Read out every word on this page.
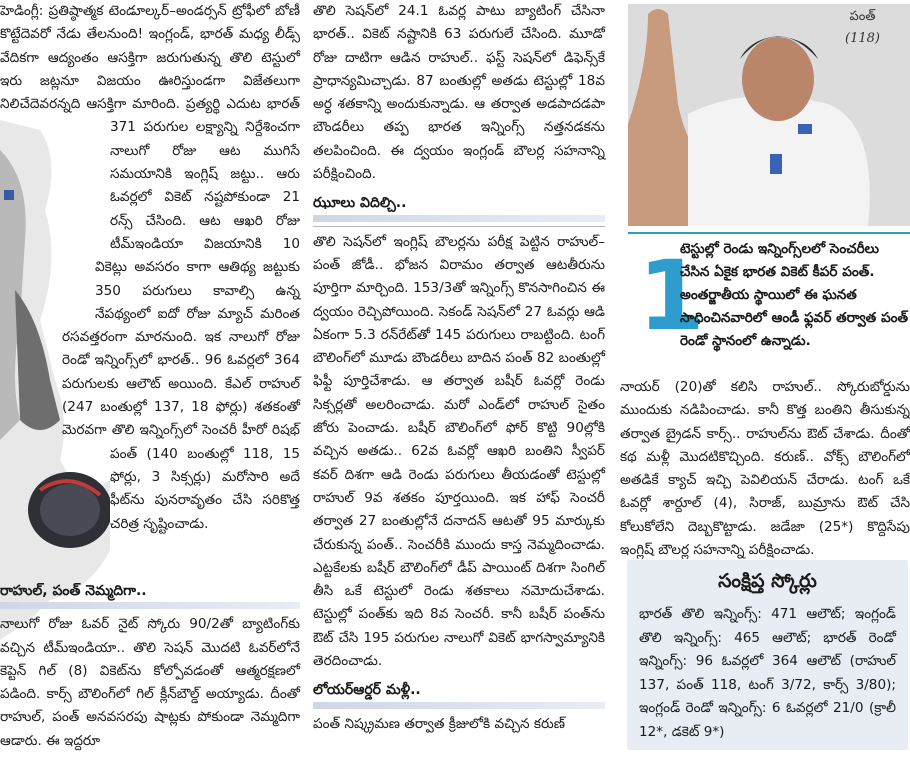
హెడింగ్లీ: ప్రతిష్ఠాత్మక టెండూల్కర్–అండర్సన్ ట్రోఫీలో బోణీ కొట్టేదెవరో నేడు తేలనుంది! ఇంగ్లండ్, భారత్ మధ్య లీడ్స్ వేదికగా ఆద్యంతం ఆసక్తిగా జరుగుతున్న తొలి టెస్టులో ఇరు జట్లనూ విజయం ఊరిస్తుండగా విజేతలుగా నిలిచేదెవరన్నది ఆసక్తిగా మారింది. ప్రత్యర్థి ఎదుట భారత్ 371 పరుగుల లక్ష్యాన్ని నిర్దేశించగా నాలుగో రోజు ఆట ముగిసే సమయానికి ఇంగ్లిష్ జట్టు.. ఆరు ఓవర్లలో వికెట్ నష్టపోకుండా 21 రన్స్ చేసింది. ఆట ఆఖరి రోజు టీమ్‌ఇండియా విజయానికి 10 వికెట్లు అవసరం కాగా ఆతిథ్య జట్టుకు 350 పరుగులు కావాల్సి ఉన్న నేపథ్యంలో ఐదో రోజు మ్యాచ్ మరింత రసవత్తరంగా మారనుంది. ఇక నాలుగో రోజు రెండో ఇన్నింగ్స్‌లో భారత్.. 96 ఓవర్లలో 364 పరుగులకు ఆలౌట్ అయింది. కేఎల్ రాహుల్ (247 బంతుల్లో 137, 18 ఫోర్లు) శతకంతో మెరవగా తొలి ఇన్నింగ్స్‌లో సెంచరీ హీరో రిషభ్ పంత్ (140 బంతుల్లో 118, 15 ఫోర్లు, 3 సిక్సర్లు) మరోసారి అదే ఫీట్‌ను పునరావృతం చేసి సరికొత్త చరిత్ర సృష్టించాడు.

రాహుల్, పంత్ నెమ్మదిగా..

నాలుగో రోజు ఓవర్ నైట్ స్కోరు 90/2తో బ్యాటింగ్‌కు వచ్చిన టీమ్‌ఇండియా.. తొలి సెషన్ మొదటి ఓవర్‌లోనే కెప్టెన్ గిల్ (8) వికెట్‌ను కోల్పోవడంతో ఆత్మరక్షణలో పడింది. కార్స్ బౌలింగ్‌లో గిల్ క్లీన్‌బౌల్డ్ అయ్యాడు. దీంతో రాహుల్, పంత్ అనవసరపు షాట్లకు పోకుండా నెమ్మదిగా ఆడారు. ఈ ఇద్దరూ

తొలి సెషన్‌లో 24.1 ఓవర్ల పాటు బ్యాటింగ్ చేసినా భారత్.. వికెట్ నష్టానికి 63 పరుగులే చేసింది. మూడో రోజు దాటిగా ఆడిన రాహుల్.. ఫస్ట్ సెషన్‌లో డిఫెన్స్‌కే ప్రాధాన్యమిచ్చాడు. 87 బంతుల్లో అతడు టెస్టుల్లో 18వ అర్ధ శతకాన్ని అందుకున్నాడు. ఆ తర్వాత అడపాదడపా బౌండరీలు తప్ప భారత ఇన్నింగ్స్ నత్తనడకను తలపించింది. ఈ ద్వయం ఇంగ్లండ్ బౌలర్ల సహనాన్ని పరీక్షించింది.

ఝూలు విదిల్చి..

తొలి సెషన్‌లో ఇంగ్లిష్ బౌలర్లను పరీక్ష పెట్టిన రాహుల్–పంత్ జోడీ.. భోజన విరామం తర్వాత ఆటతీరును పూర్తిగా మార్చింది. 153/3తో ఇన్నింగ్స్ కొనసాగించిన ఈ ద్వయం రెచ్చిపోయింది. సెకండ్ సెషన్‌లో 27 ఓవర్లు ఆడి ఏకంగా 5.3 రన్‌రేట్‌తో 145 పరుగులు రాబట్టింది. టంగ్ బౌలింగ్‌లో మూడు బౌండరీలు బాదిన పంత్ 82 బంతుల్లో ఫిఫ్టీ పూర్తిచేశాడు. ఆ తర్వాత బషీర్ ఓవర్లో రెండు సిక్సర్లతో అలరించాడు. మరో ఎండ్‌లో రాహుల్ సైతం జోరు పెంచాడు. బషీర్ బౌలింగ్‌లో ఫోర్ కొట్టి 90ల్లోకి వచ్చిన అతడు.. 62వ ఓవర్లో ఆఖరి బంతిని స్వీపర్ కవర్ దిశగా ఆడి రెండు పరుగులు తీయడంతో టెస్టుల్లో రాహుల్ 9వ శతకం పూర్తయింది. ఇక హాఫ్ సెంచరీ తర్వాత 27 బంతుల్లోనే దనాదన్ ఆటతో 95 మార్కుకు చేరుకున్న పంత్.. సెంచరీకి ముందు కాస్త నెమ్మదించాడు. ఎట్టకేలకు బషీర్ బౌలింగ్‌లో డీప్ పాయింట్ దిశగా సింగిల్ తీసి ఒకే టెస్టులో రెండు శతకాలు నమోదుచేశాడు. టెస్టుల్లో పంత్‌కు ఇది 8వ సెంచరీ. కానీ బషీర్ పంత్‌ను ఔట్ చేసి 195 పరుగుల నాలుగో వికెట్ భాగస్వామ్యానికి తెరదించాడు.

లోయర్‌ఆర్డర్ మళ్లీ..

పంత్ నిష్క్రమణ తర్వాత క్రీజులోకి వచ్చిన కరుణ్

పంత్
(118)
1
టెస్టుల్లో రెండు ఇన్నింగ్స్‌లలో సెంచరీలు చేసిన ఏకైక భారత వికెట్ కీపర్ పంత్. అంతర్జాతీయ స్థాయిలో ఈ ఘనత సాధించినవారిలో ఆండీ ఫ్లవర్ తర్వాత పంత్ రెండో స్థానంలో ఉన్నాడు.

నాయర్ (20)తో కలిసి రాహుల్.. స్కోరుబోర్డును ముందుకు నడిపించాడు. కానీ కొత్త బంతిని తీసుకున్న తర్వాత బ్రైడన్ కార్స్.. రాహుల్‌ను ఔట్ చేశాడు. దీంతో కథ మళ్లీ మొదటికొచ్చింది. కరుణ్.. వోక్స్ బౌలింగ్‌లో అతడికే క్యాచ్ ఇచ్చి పెవిలియన్ చేరాడు. టంగ్ ఒకే ఓవర్లో శార్దూల్ (4), సిరాజ్, బుమ్రాను ఔట్ చేసి కోలుకోలేని దెబ్బకొట్టాడు. జడేజా (25*) కొద్దిసేపు ఇంగ్లిష్ బౌలర్ల సహనాన్ని పరీక్షించాడు.

సంక్షిప్త స్కోర్లు
భారత్ తొలి ఇన్నింగ్స్: 471 ఆలౌట్; ఇంగ్లండ్ తొలి ఇన్నింగ్స్: 465 ఆలౌట్; భారత్ రెండో ఇన్నింగ్స్: 96 ఓవర్లలో 364 ఆలౌట్ (రాహుల్ 137, పంత్ 118, టంగ్ 3/72, కార్స్ 3/80); ఇంగ్లండ్ రెండో ఇన్నింగ్స్: 6 ఓవర్లలో 21/0 (క్రాలీ 12*, డకెట్ 9*)
